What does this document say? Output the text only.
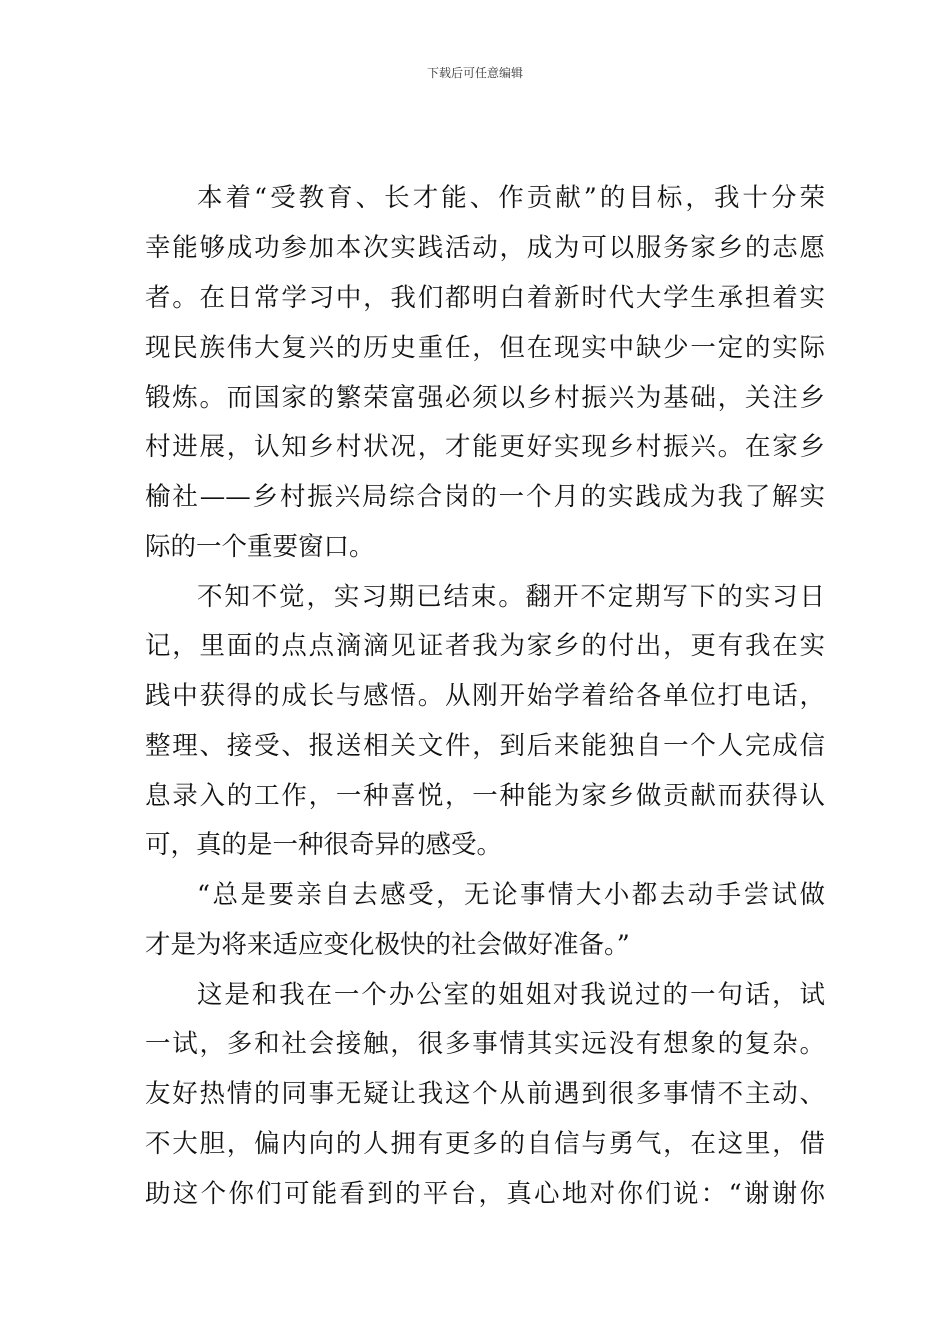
下载后可任意编辑
本着“受教育、长才能、作贡献”的目标，我十分荣
幸能够成功参加本次实践活动，成为可以服务家乡的志愿
者。在日常学习中，我们都明白着新时代大学生承担着实
现民族伟大复兴的历史重任，但在现实中缺少一定的实际
锻炼。而国家的繁荣富强必须以乡村振兴为基础，关注乡
村进展，认知乡村状况，才能更好实现乡村振兴。在家乡
榆社——乡村振兴局综合岗的一个月的实践成为我了解实
际的一个重要窗口。
不知不觉，实习期已结束。翻开不定期写下的实习日
记，里面的点点滴滴见证者我为家乡的付出，更有我在实
践中获得的成长与感悟。从刚开始学着给各单位打电话，
整理、接受、报送相关文件，到后来能独自一个人完成信
息录入的工作，一种喜悦，一种能为家乡做贡献而获得认
可，真的是一种很奇异的感受。
“总是要亲自去感受，无论事情大小都去动手尝试做
才是为将来适应变化极快的社会做好准备。”
这是和我在一个办公室的姐姐对我说过的一句话，试
一试，多和社会接触，很多事情其实远没有想象的复杂。
友好热情的同事无疑让我这个从前遇到很多事情不主动、
不大胆，偏内向的人拥有更多的自信与勇气，在这里，借
助这个你们可能看到的平台，真心地对你们说：“谢谢你
